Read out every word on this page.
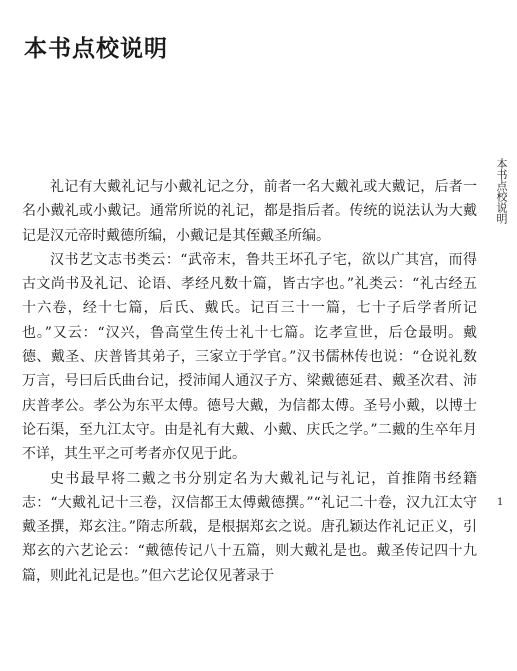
本书点校说明
本书点校说明

礼记有大戴礼记与小戴礼记之分，前者一名大戴礼或大戴记，后者一名小戴礼或小戴记。通常所说的礼记，都是指后者。传统的说法认为大戴记是汉元帝时戴德所编，小戴记是其侄戴圣所编。

汉书艺文志书类云：“武帝末，鲁共王坏孔子宅，欲以广其宫，而得古文尚书及礼记、论语、孝经凡数十篇，皆古字也。”礼类云：“礼古经五十六卷，经十七篇，后氏、戴氏。记百三十一篇，七十子后学者所记也。”又云：“汉兴，鲁高堂生传士礼十七篇。讫孝宣世，后仓最明。戴德、戴圣、庆普皆其弟子，三家立于学官。”汉书儒林传也说：“仓说礼数万言，号曰后氏曲台记，授沛闻人通汉子方、梁戴德延君、戴圣次君、沛庆普孝公。孝公为东平太傅。德号大戴，为信都太傅。圣号小戴，以博士论石渠，至九江太守。由是礼有大戴、小戴、庆氏之学。”二戴的生卒年月不详，其生平之可考者亦仅见于此。

史书最早将二戴之书分别定名为大戴礼记与礼记，首推隋书经籍志：“大戴礼记十三卷，汉信都王太傅戴德撰。”“礼记二十卷，汉九江太守戴圣撰，郑玄注。”隋志所载，是根据郑玄之说。唐孔颖达作礼记正义，引郑玄的六艺论云：“戴德传记八十五篇，则大戴礼是也。戴圣传记四十九篇，则此礼记是也。”但六艺论仅见著录于

1
